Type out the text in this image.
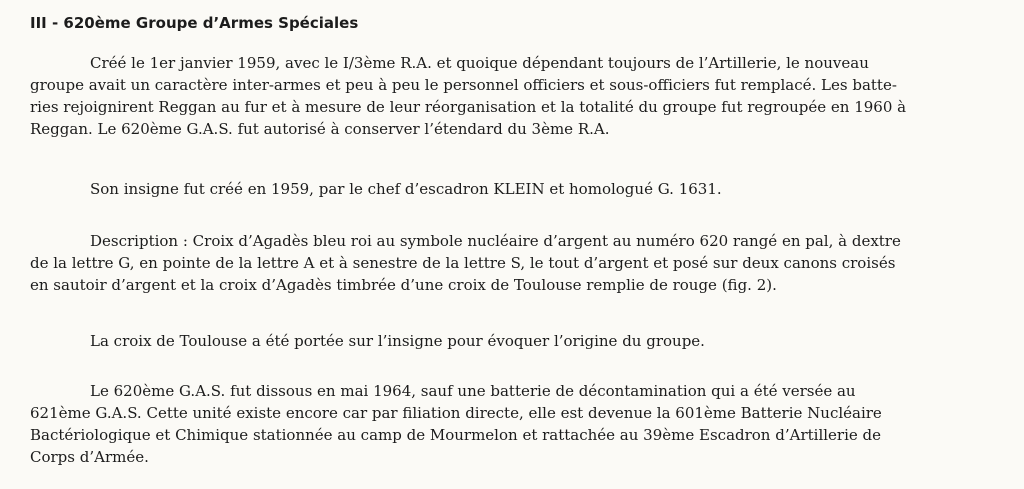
III - 620ème Groupe d’Armes Spéciales
Créé le 1er janvier 1959, avec le I/3ème R.A. et quoique dépendant toujours de l’Artillerie, le nouveau
groupe avait un caractère inter-armes et peu à peu le personnel officiers et sous-officiers fut remplacé. Les batte-
ries rejoignirent Reggan au fur et à mesure de leur réorganisation et la totalité du groupe fut regroupée en 1960 à
Reggan. Le 620ème G.A.S. fut autorisé à conserver l’étendard du 3ème R.A.
Son insigne fut créé en 1959, par le chef d’escadron KLEIN et homologué G. 1631.
Description : Croix d’Agadès bleu roi au symbole nucléaire d’argent au numéro 620 rangé en pal, à dextre
de la lettre G, en pointe de la lettre A et à senestre de la lettre S, le tout d’argent et posé sur deux canons croisés
en sautoir d’argent et la croix d’Agadès timbrée d’une croix de Toulouse remplie de rouge (fig. 2).
La croix de Toulouse a été portée sur l’insigne pour évoquer l’origine du groupe.
Le 620ème G.A.S. fut dissous en mai 1964, sauf une batterie de décontamination qui a été versée au
621ème G.A.S. Cette unité existe encore car par filiation directe, elle est devenue la 601ème Batterie Nucléaire
Bactériologique et Chimique stationnée au camp de Mourmelon et rattachée au 39ème Escadron d’Artillerie de
Corps d’Armée.
